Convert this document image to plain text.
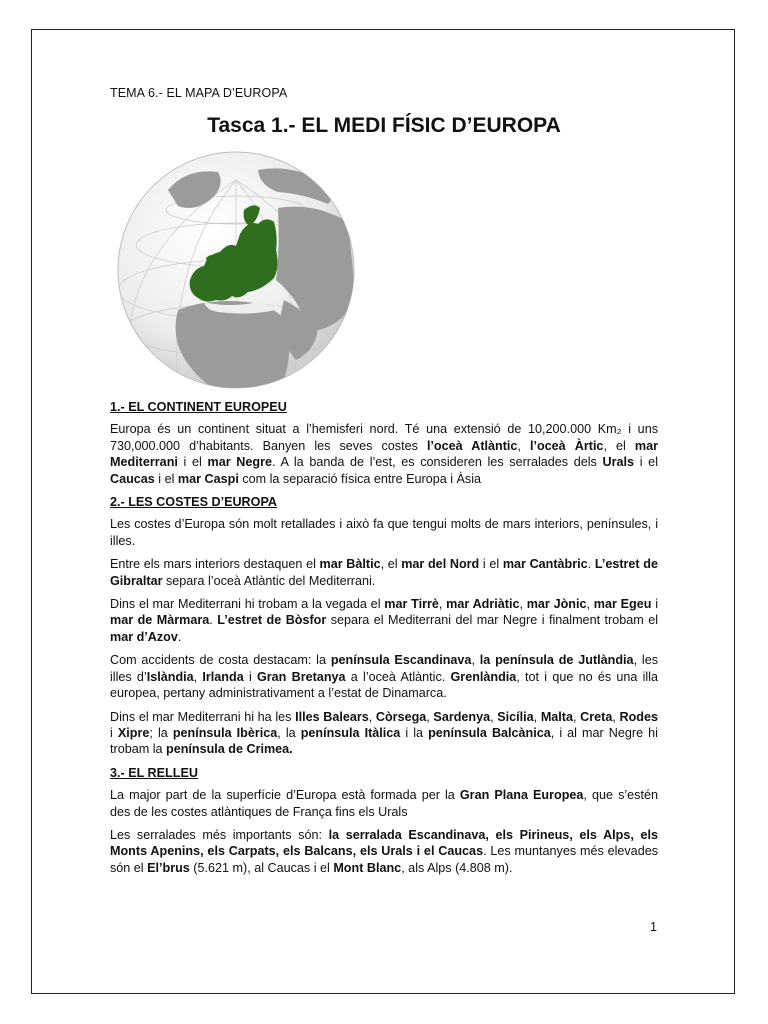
TEMA 6.- EL MAPA D’EUROPA
Tasca 1.- EL MEDI FÍSIC D’EUROPA
1.- EL CONTINENT EUROPEU

Europa és un continent situat a l’hemisferi nord. Té una extensió de 10,200.000 Km₂ i uns 730,000.000 d’habitants. Banyen les seves costes l’oceà Atlàntic, l’oceà Àrtic, el mar Mediterrani i el mar Negre. A la banda de l’est, es consideren les serralades dels Urals i el Caucas i el mar Caspi com la separació física entre Europa i Àsia

2.- LES COSTES D’EUROPA

Les costes d’Europa són molt retallades i això fa que tengui molts de mars interiors, penínsules, i illes.

Entre els mars interiors destaquen el mar Bàltic, el mar del Nord i el mar Cantàbric. L’estret de Gibraltar separa l’oceà Atlàntic del Mediterrani.

Dins el mar Mediterrani hi trobam a la vegada el mar Tirrè, mar Adriàtic, mar Jònic, mar Egeu i mar de Màrmara. L’estret de Bòsfor separa el Mediterrani del mar Negre i finalment trobam el mar d’Azov.

Com accidents de costa destacam: la península Escandinava, la península de Jutlàndia, les illes d’Islàndia, Irlanda i Gran Bretanya a l’oceà Atlàntic. Grenlàndia, tot i que no és una illa europea, pertany administrativament a l’estat de Dinamarca.

Dins el mar Mediterrani hi ha les Illes Balears, Còrsega, Sardenya, Sicília, Malta, Creta, Rodes i Xipre; la península Ibèrica, la península Itàlica i la península Balcànica, i al mar Negre hi trobam la península de Crimea.

3.- EL RELLEU

La major part de la superfície d’Europa està formada per la Gran Plana Europea, que s’estén des de les costes atlàntiques de França fins els Urals

Les serralades més importants són: la serralada Escandinava, els Pirineus, els Alps, els Monts Apenins, els Carpats, els Balcans, els Urals i el Caucas. Les muntanyes més elevades són el El’brus (5.621 m), al Caucas i el Mont Blanc, als Alps (4.808 m).

1
